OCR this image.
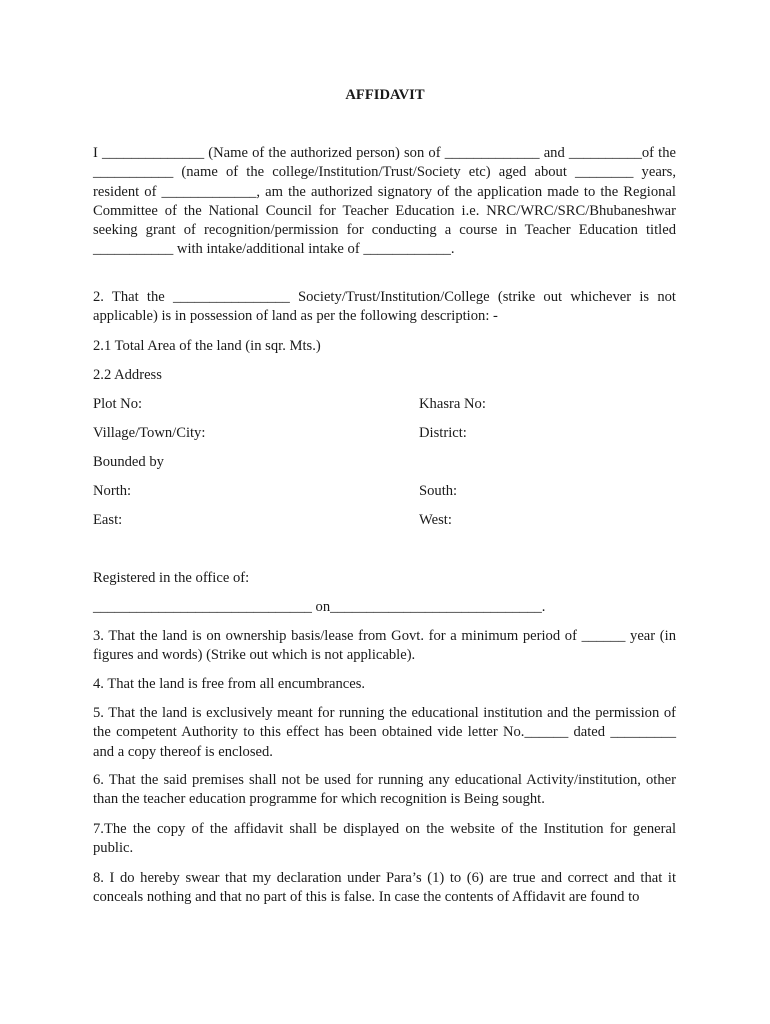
AFFIDAVIT

I ______________ (Name of the authorized person) son of _____________ and __________of the ___________ (name of the college/Institution/Trust/Society etc) aged about ________ years, resident of _____________, am the authorized signatory of the application made to the Regional Committee of the National Council for Teacher Education i.e. NRC/WRC/SRC/Bhubaneshwar seeking grant of recognition/permission for conducting a course in Teacher Education titled ___________ with intake/additional intake of ____________.

2. That the ________________ Society/Trust/Institution/College (strike out whichever is not applicable) is in possession of land as per the following description: -

2.1 Total Area of the land (in sqr. Mts.)

2.2 Address

Plot No:	Khasra No:

Village/Town/City:	District:

Bounded by

North:	South:

East:	West:

Registered in the office of:

______________________________ on_____________________________.

3. That the land is on ownership basis/lease from Govt. for a minimum period of ______ year (in figures and words) (Strike out which is not applicable).

4. That the land is free from all encumbrances.

5. That the land is exclusively meant for running the educational institution and the permission of the competent Authority to this effect has been obtained vide letter No.______ dated _________ and a copy thereof is enclosed.

6. That the said premises shall not be used for running any educational Activity/institution, other than the teacher education programme for which recognition is Being sought.

7.The the copy of the affidavit shall be displayed on the website of the Institution for general public.

8. I do hereby swear that my declaration under Para’s (1) to (6) are true and correct and that it conceals nothing and that no part of this is false. In case the contents of Affidavit are found to
